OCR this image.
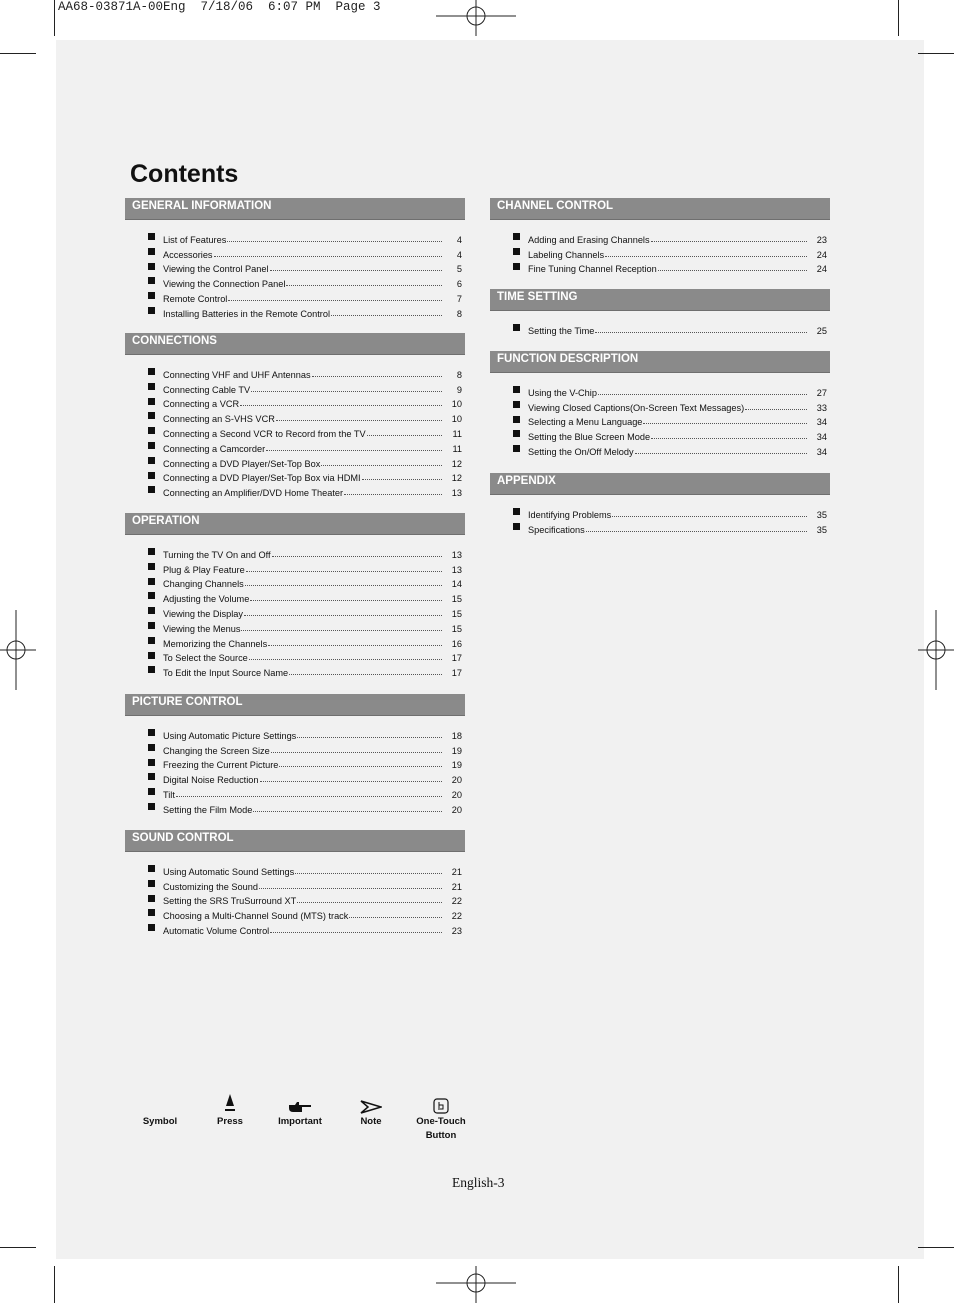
AA68-03871A-00Eng  7/18/06  6:07 PM  Page 3
Contents
GENERAL INFORMATION
List of Features	4
Accessories	4
Viewing the Control Panel	5
Viewing the Connection Panel	6
Remote Control	7
Installing Batteries in the Remote Control	8
CONNECTIONS
Connecting VHF and UHF Antennas	8
Connecting Cable TV	9
Connecting a VCR	10
Connecting an S-VHS VCR	10
Connecting a Second VCR to Record from the TV	11
Connecting a Camcorder	11
Connecting a DVD Player/Set-Top Box	12
Connecting a DVD Player/Set-Top Box via HDMI	12
Connecting an Amplifier/DVD Home Theater	13
OPERATION
Turning the TV On and Off	13
Plug & Play Feature	13
Changing Channels	14
Adjusting the Volume	15
Viewing the Display	15
Viewing the Menus	15
Memorizing the Channels	16
To Select the Source	17
To Edit the Input Source Name	17
PICTURE CONTROL
Using Automatic Picture Settings	18
Changing the Screen Size	19
Freezing the Current Picture	19
Digital Noise Reduction	20
Tilt	20
Setting the Film Mode	20
SOUND CONTROL
Using Automatic Sound Settings	21
Customizing the Sound	21
Setting the SRS TruSurround XT	22
Choosing a Multi-Channel Sound (MTS) track	22
Automatic Volume Control	23
CHANNEL CONTROL
Adding and Erasing Channels	23
Labeling Channels	24
Fine Tuning Channel Reception	24
TIME SETTING
Setting the Time	25
FUNCTION DESCRIPTION
Using the V-Chip	27
Viewing Closed Captions(On-Screen Text Messages)	33
Selecting a Menu Language	34
Setting the Blue Screen Mode	34
Setting the On/Off Melody	34
APPENDIX
Identifying Problems	35
Specifications	35
Symbol	Press	Important	Note	One-Touch
Button
English-3
